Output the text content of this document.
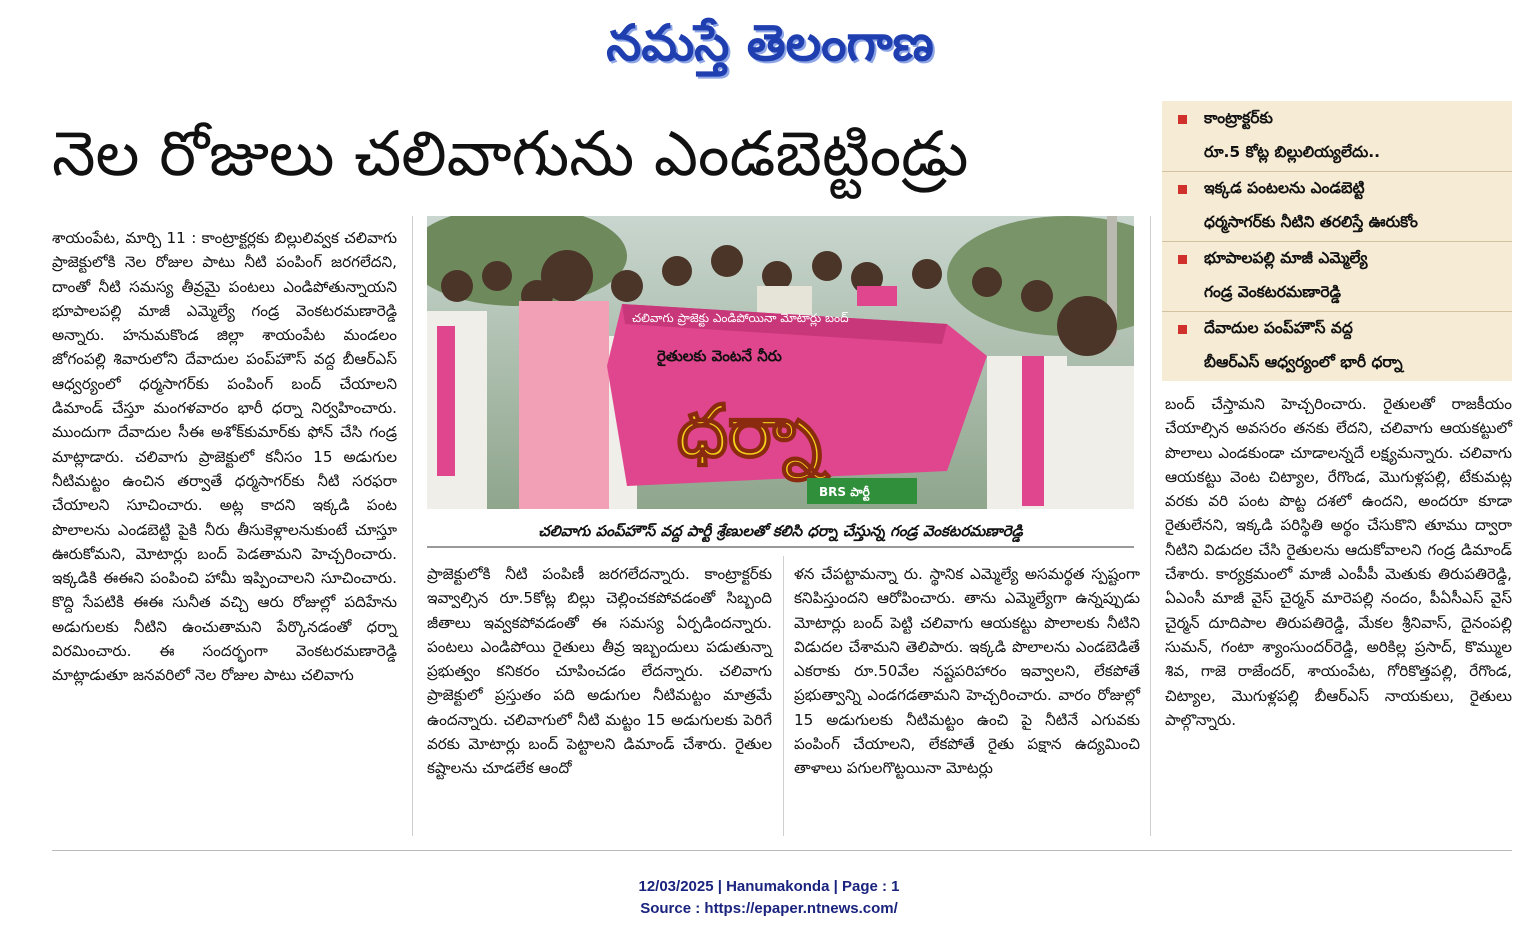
నమస్తే తెలంగాణ
నెల రోజులు చలివాగును ఎండబెట్టిండ్రు	కాంట్రాక్టర్‌కు
రూ.5 కోట్ల బిల్లులియ్యలేదు..
ఇక్కడ పంటలను ఎండబెట్టి
ధర్మసాగర్‌కు నీటిని తరలిస్తే ఊరుకోం
భూపాలపల్లి మాజీ ఎమ్మెల్యే
గండ్ర వెంకటరమణారెడ్డి
దేవాదుల పంప్‌హౌస్ వద్ద
బీఆర్‌ఎస్ ఆధ్వర్యంలో భారీ ధర్నా
చలివాగు ప్రాజెక్టు ఎండిపోయినా మోటార్లు బంద్
రైతులకు వెంటనే నీరు
ధర్నా
BRS పార్టీ
చలివాగు పంప్‌హౌస్ వద్ద పార్టీ శ్రేణులతో కలిసి ధర్నా చేస్తున్న గండ్ర వెంకటరమణారెడ్డి

శాయంపేట, మార్చి 11 : కాంట్రాక్టర్లకు బిల్లులివ్వక చలివాగు ప్రాజెక్టులోకి నెల రోజుల పాటు నీటి పంపింగ్ జరగలేదని, దాంతో నీటి సమస్య తీవ్రమై పంటలు ఎండిపోతున్నాయని భూపాలపల్లి మాజీ ఎమ్మెల్యే గండ్ర వెంకటరమణారెడ్డి అన్నారు. హనుమకొండ జిల్లా శాయంపేట మండలం జోగంపల్లి శివారులోని దేవాదుల పంప్‌హౌస్ వద్ద బీఆర్‌ఎస్ ఆధ్వర్యంలో ధర్మసాగర్‌కు పంపింగ్ బంద్ చేయాలని డిమాండ్ చేస్తూ మంగళవారం భారీ ధర్నా నిర్వహించారు. ముందుగా దేవాదుల సీఈ అశోక్‌కుమార్‌కు ఫోన్ చేసి గండ్ర మాట్లాడారు. చలివాగు ప్రాజెక్టులో కనీసం 15 అడుగుల నీటిమట్టం ఉంచిన తర్వాతే ధర్మసాగర్‌కు నీటి సరఫరా చేయాలని సూచించారు. అట్ల కాదని ఇక్కడి పంట పొలాలను ఎండబెట్టి పైకి నీరు తీసుకెళ్లాలనుకుంటే చూస్తూ ఊరుకోమని, మోటార్లు బంద్ పెడతామని హెచ్చరించారు. ఇక్కడికి ఈఈని పంపించి హామీ ఇప్పించాలని సూచించారు. కొద్ది సేపటికి ఈఈ సునీత వచ్చి ఆరు రోజుల్లో పదిహేను అడుగులకు నీటిని ఉంచుతామని పేర్కొనడంతో ధర్నా విరమించారు. ఈ సందర్భంగా వెంకటరమణారెడ్డి మాట్లాడుతూ జనవరిలో నెల రోజుల పాటు చలివాగు

ప్రాజెక్టులోకి నీటి పంపిణీ జరగలేదన్నారు. కాంట్రాక్టర్‌కు ఇవ్వాల్సిన రూ.5కోట్ల బిల్లు చెల్లించకపోవడంతో సిబ్బంది జీతాలు ఇవ్వకపోవడంతో ఈ సమస్య ఏర్పడిందన్నారు. పంటలు ఎండిపోయి రైతులు తీవ్ర ఇబ్బందులు పడుతున్నా ప్రభుత్వం కనికరం చూపించడం లేదన్నారు. చలివాగు ప్రాజెక్టులో ప్రస్తుతం పది అడుగుల నీటిమట్టం మాత్రమే ఉందన్నారు. చలివాగులో నీటి మట్టం 15 అడుగులకు పెరిగే వరకు మోటార్లు బంద్ పెట్టాలని డిమాండ్ చేశారు. రైతుల కష్టాలను చూడలేక ఆందో

ళన చేపట్టామన్నా రు. స్థానిక ఎమ్మెల్యే అసమర్థత స్పష్టంగా కనిపిస్తుందని ఆరోపించారు. తాను ఎమ్మెల్యేగా ఉన్నప్పుడు మోటార్లు బంద్ పెట్టి చలివాగు ఆయకట్టు పొలాలకు నీటిని విడుదల చేశామని తెలిపారు. ఇక్కడి పొలాలను ఎండబెడితే ఎకరాకు రూ.50వేల నష్టపరిహారం ఇవ్వాలని, లేకపోతే ప్రభుత్వాన్ని ఎండగడతామని హెచ్చరించారు. వారం రోజుల్లో 15 అడుగులకు నీటిమట్టం ఉంచి పై నీటినే ఎగువకు పంపింగ్ చేయాలని, లేకపోతే రైతు పక్షాన ఉద్యమించి తాళాలు పగులగొట్టయినా మోటర్లు

బంద్ చేస్తామని హెచ్చరించారు. రైతులతో రాజకీయం చేయాల్సిన అవసరం తనకు లేదని, చలివాగు ఆయకట్టులో పొలాలు ఎండకుండా చూడాలన్నదే లక్ష్యమన్నారు. చలివాగు ఆయకట్టు వెంట చిట్యాల, రేగొండ, మొగుళ్లపల్లి, టేకుమట్ల వరకు వరి పంట పొట్ట దశలో ఉందని, అందరూ కూడా రైతులేనని, ఇక్కడి పరిస్థితి అర్థం చేసుకొని తూము ద్వారా నీటిని విడుదల చేసి రైతులను ఆదుకోవాలని గండ్ర డిమాండ్ చేశారు. కార్యక్రమంలో మాజీ ఎంపీపీ మెతుకు తిరుపతిరెడ్డి, ఏఎంసీ మాజీ వైస్ చైర్మన్ మారెపల్లి నందం, పీఏసీఎస్ వైస్ చైర్మన్ దూదిపాల తిరుపతిరెడ్డి, మేకల శ్రీనివాస్, దైనంపల్లి సుమన్, గంటా శ్యాంసుందర్‌రెడ్డి, అరికిల్ల ప్రసాద్, కొమ్ముల శివ, గాజె రాజేందర్, శాయంపేట, గోరికొత్తపల్లి, రేగొండ, చిట్యాల, మొగుళ్లపల్లి బీఆర్‌ఎస్ నాయకులు, రైతులు పాల్గొన్నారు.

12/03/2025 | Hanumakonda | Page : 1
Source : https://epaper.ntnews.com/
